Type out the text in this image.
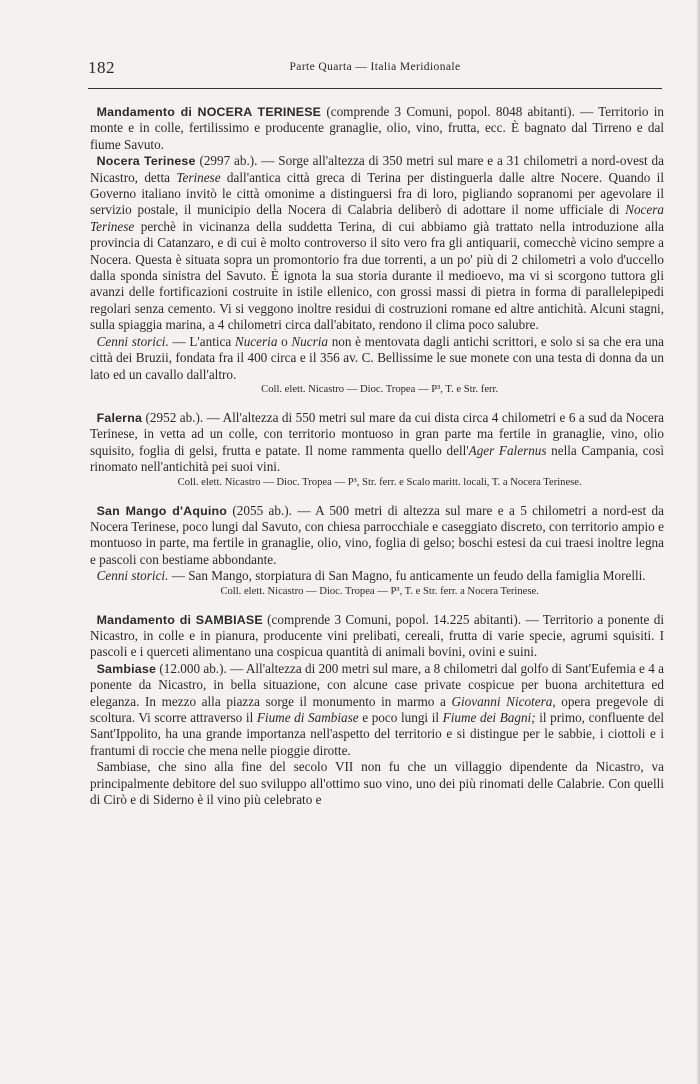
182	Parte Quarta — Italia Meridionale

Mandamento di NOCERA TERINESE (comprende 3 Comuni, popol. 8048 abitanti). — Territorio in monte e in colle, fertilissimo e producente granaglie, olio, vino, frutta, ecc. È bagnato dal Tirreno e dal fiume Savuto.

Nocera Terinese (2997 ab.). — Sorge all'altezza di 350 metri sul mare e a 31 chilometri a nord-ovest da Nicastro, detta Terinese dall'antica città greca di Terina per distinguerla dalle altre Nocere. Quando il Governo italiano invitò le città omonime a distinguersi fra di loro, pigliando sopranomi per agevolare il servizio postale, il municipio della Nocera di Calabria deliberò di adottare il nome ufficiale di Nocera Terinese perchè in vicinanza della suddetta Terina, di cui abbiamo già trattato nella introduzione alla provincia di Catanzaro, e di cui è molto controverso il sito vero fra gli antiquarii, comecchè vicino sempre a Nocera. Questa è situata sopra un promontorio fra due torrenti, a un po' più di 2 chilometri a volo d'uccello dalla sponda sinistra del Savuto. È ignota la sua storia durante il medioevo, ma vi si scorgono tuttora gli avanzi delle fortificazioni costruite in istile ellenico, con grossi massi di pietra in forma di parallelepipedi regolari senza cemento. Vi si veggono inoltre residui di costruzioni romane ed altre antichità. Alcuni stagni, sulla spiaggia marina, a 4 chilometri circa dall'abitato, rendono il clima poco salubre.

Cenni storici. — L'antica Nuceria o Nucria non è mentovata dagli antichi scrittori, e solo si sa che era una città dei Bruzii, fondata fra il 400 circa e il 356 av. C. Bellissime le sue monete con una testa di donna da un lato ed un cavallo dall'altro.

Coll. elett. Nicastro — Dioc. Tropea — P³, T. e Str. ferr.

Falerna (2952 ab.). — All'altezza di 550 metri sul mare da cui dista circa 4 chilometri e 6 a sud da Nocera Terinese, in vetta ad un colle, con territorio montuoso in gran parte ma fertile in granaglie, vino, olio squisito, foglia di gelsi, frutta e patate. Il nome rammenta quello dell'Ager Falernus nella Campania, così rinomato nell'antichità pei suoi vini.

Coll. elett. Nicastro — Dioc. Tropea — P³, Str. ferr. e Scalo maritt. locali, T. a Nocera Terinese.

San Mango d'Aquino (2055 ab.). — A 500 metri di altezza sul mare e a 5 chilometri a nord-est da Nocera Terinese, poco lungi dal Savuto, con chiesa parrocchiale e caseggiato discreto, con territorio ampio e montuoso in parte, ma fertile in granaglie, olio, vino, foglia di gelso; boschi estesi da cui traesi inoltre legna e pascoli con bestiame abbondante.

Cenni storici. — San Mango, storpiatura di San Magno, fu anticamente un feudo della famiglia Morelli.

Coll. elett. Nicastro — Dioc. Tropea — P³, T. e Str. ferr. a Nocera Terinese.

Mandamento di SAMBIASE (comprende 3 Comuni, popol. 14.225 abitanti). — Territorio a ponente di Nicastro, in colle e in pianura, producente vini prelibati, cereali, frutta di varie specie, agrumi squisiti. I pascoli e i querceti alimentano una cospicua quantità di animali bovini, ovini e suini.

Sambiase (12.000 ab.). — All'altezza di 200 metri sul mare, a 8 chilometri dal golfo di Sant'Eufemia e 4 a ponente da Nicastro, in bella situazione, con alcune case private cospicue per buona architettura ed eleganza. In mezzo alla piazza sorge il monumento in marmo a Giovanni Nicotera, opera pregevole di scoltura. Vi scorre attraverso il Fiume di Sambiase e poco lungi il Fiume dei Bagni; il primo, confluente del Sant'Ippolito, ha una grande importanza nell'aspetto del territorio e si distingue per le sabbie, i ciottoli e i frantumi di roccie che mena nelle pioggie dirotte.

Sambiase, che sino alla fine del secolo VII non fu che un villaggio dipendente da Nicastro, va principalmente debitore del suo sviluppo all'ottimo suo vino, uno dei più rinomati delle Calabrie. Con quelli di Cirò e di Siderno è il vino più celebrato e
